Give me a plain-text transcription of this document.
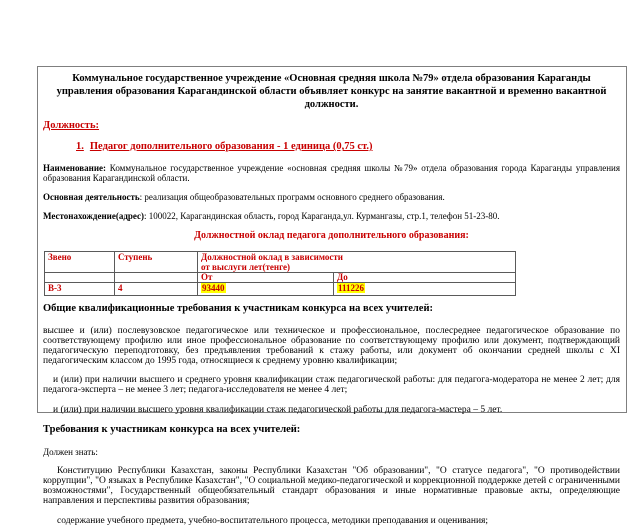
Коммунальное государственное учреждение «Основная средняя школа №79» отдела образования Караганды управления образования Карагандинской области объявляет конкурс на занятие вакантной и временно вакантной должности.

Должность:

1. Педагог дополнительного образования - 1 единица (0,75 ст.)

Наименование: Коммунальное государственное учреждение «основная средняя школы №79» отдела образования города Караганды управления образования Карагандинской области.

Основная деятельность: реализация общеобразовательных программ основного среднего образования.

Местонахождение(адрес): 100022, Карагандинская область, город Караганда,ул. Курмангазы, стр.1, телефон 51-23-80.

Должностной оклад педагога дополнительного образования:

Звено	Ступень	Должностной оклад в зависимости
от выслуги лет(тенге)	

		От	До
В-3	4	93440	111226

Общие квалификационные требования к участникам конкурса на всех учителей:

высшее и (или) послевузовское педагогическое или техническое и профессиональное, послесреднее педагогическое образование по соответствующему профилю или иное профессиональное образование по соответствующему профилю или документ, подтверждающий педагогическую переподготовку, без предъявления требований к стажу работы, или документ об окончании средней школы с XI педагогическим классом до 1995 года, относящиеся к среднему уровню квалификации;

и (или) при наличии высшего и среднего уровня квалификации стаж педагогической работы: для педагога-модератора не менее 2 лет; для педагога-эксперта – не менее 3 лет; педагога-исследователя не менее 4 лет;

и (или) при наличии высшего уровня квалификации стаж педагогической работы для педагога-мастера – 5 лет.

Требования к участникам конкурса на всех учителей:

Должен знать:

Конституцию Республики Казахстан, законы Республики Казахстан "Об образовании", "О статусе педагога", "О противодействии коррупции", "О языках в Республике Казахстан", "О социальной медико-педагогической и коррекционной поддержке детей с ограниченными возможностями", Государственный общеобязательный стандарт образования и иные нормативные правовые акты, определяющие направления и перспективы развития образования;

содержание учебного предмета, учебно-воспитательного процесса, методики преподавания и оценивания;
